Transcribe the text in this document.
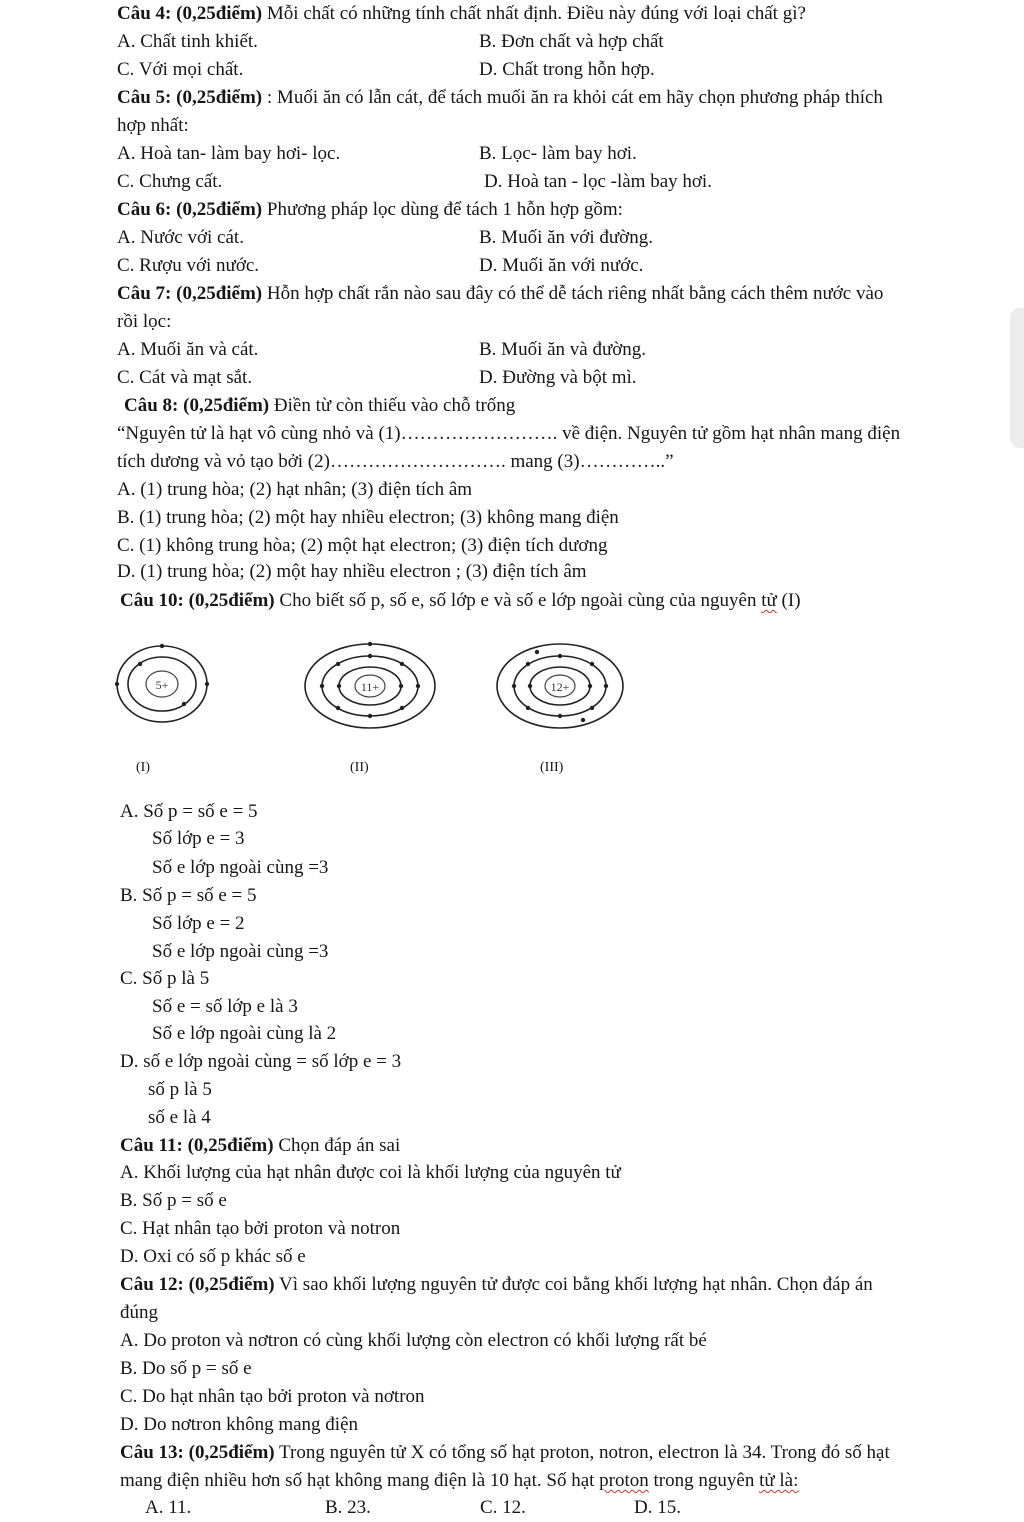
Câu 4: (0,25điểm) Mỗi chất có những tính chất nhất định. Điều này đúng với loại chất gì?
A. Chất tinh khiết.	B. Đơn chất và hợp chất
C. Với mọi chất.	D. Chất trong hỗn hợp.
Câu 5: (0,25điểm) : Muối ăn có lẫn cát, để tách muối ăn ra khỏi cát em hãy chọn phương pháp thích
hợp nhất:
A. Hoà tan- làm bay hơi- lọc.	B. Lọc- làm bay hơi.
C. Chưng cất.	D. Hoà tan - lọc -làm bay hơi.
Câu 6: (0,25điểm) Phương pháp lọc dùng để tách 1 hỗn hợp gồm:
A. Nước với cát.	B. Muối ăn với đường.
C. Rượu với nước.	D. Muối ăn với nước.
Câu 7: (0,25điểm) Hỗn hợp chất rắn nào sau đây có thể dễ tách riêng nhất bằng cách thêm nước vào
rồi lọc:
A. Muối ăn và cát.	B. Muối ăn và đường.
C. Cát và mạt sắt.	D. Đường và bột mì.
Câu 8: (0,25điểm) Điền từ còn thiếu vào chỗ trống
“Nguyên tử là hạt vô cùng nhỏ và (1)……………………. về điện. Nguyên tử gồm hạt nhân mang điện
tích dương và vỏ tạo bởi (2)………………………. mang (3)…………..”
A. (1) trung hòa; (2) hạt nhân; (3) điện tích âm
B. (1) trung hòa; (2) một hay nhiều electron; (3) không mang điện
C. (1) không trung hòa; (2) một hạt electron; (3) điện tích dương
D. (1) trung hòa; (2) một hay nhiều electron ; (3) điện tích âm
Câu 10: (0,25điểm) Cho biết số p, số e, số lớp e và số e lớp ngoài cùng của nguyên tử (I)
5+
(I)
11+
(II)
12+
(III)
A. Số p = số e = 5
Số lớp e = 3
Số e lớp ngoài cùng =3
B. Số p = số e = 5
Số lớp e = 2
Số e lớp ngoài cùng =3
C. Số p là 5
Số e = số lớp e là 3
Số e lớp ngoài cùng là 2
D. số e lớp ngoài cùng = số lớp e = 3
số p là 5
số e là 4
Câu 11: (0,25điểm) Chọn đáp án sai
A. Khối lượng của hạt nhân được coi là khối lượng của nguyên tử
B. Số p = số e
C. Hạt nhân tạo bởi proton và notron
D. Oxi có số p khác số e
Câu 12: (0,25điểm) Vì sao khối lượng nguyên tử được coi bằng khối lượng hạt nhân. Chọn đáp án
đúng
A. Do proton và nơtron có cùng khối lượng còn electron có khối lượng rất bé
B. Do số p = số e
C. Do hạt nhân tạo bởi proton và nơtron
D. Do nơtron không mang điện
Câu 13: (0,25điểm) Trong nguyên tử X có tổng số hạt proton, notron, electron là 34. Trong đó số hạt
mang điện nhiều hơn số hạt không mang điện là 10 hạt. Số hạt proton trong nguyên tử là:
A. 11.	B. 23.	C. 12.	D. 15.
